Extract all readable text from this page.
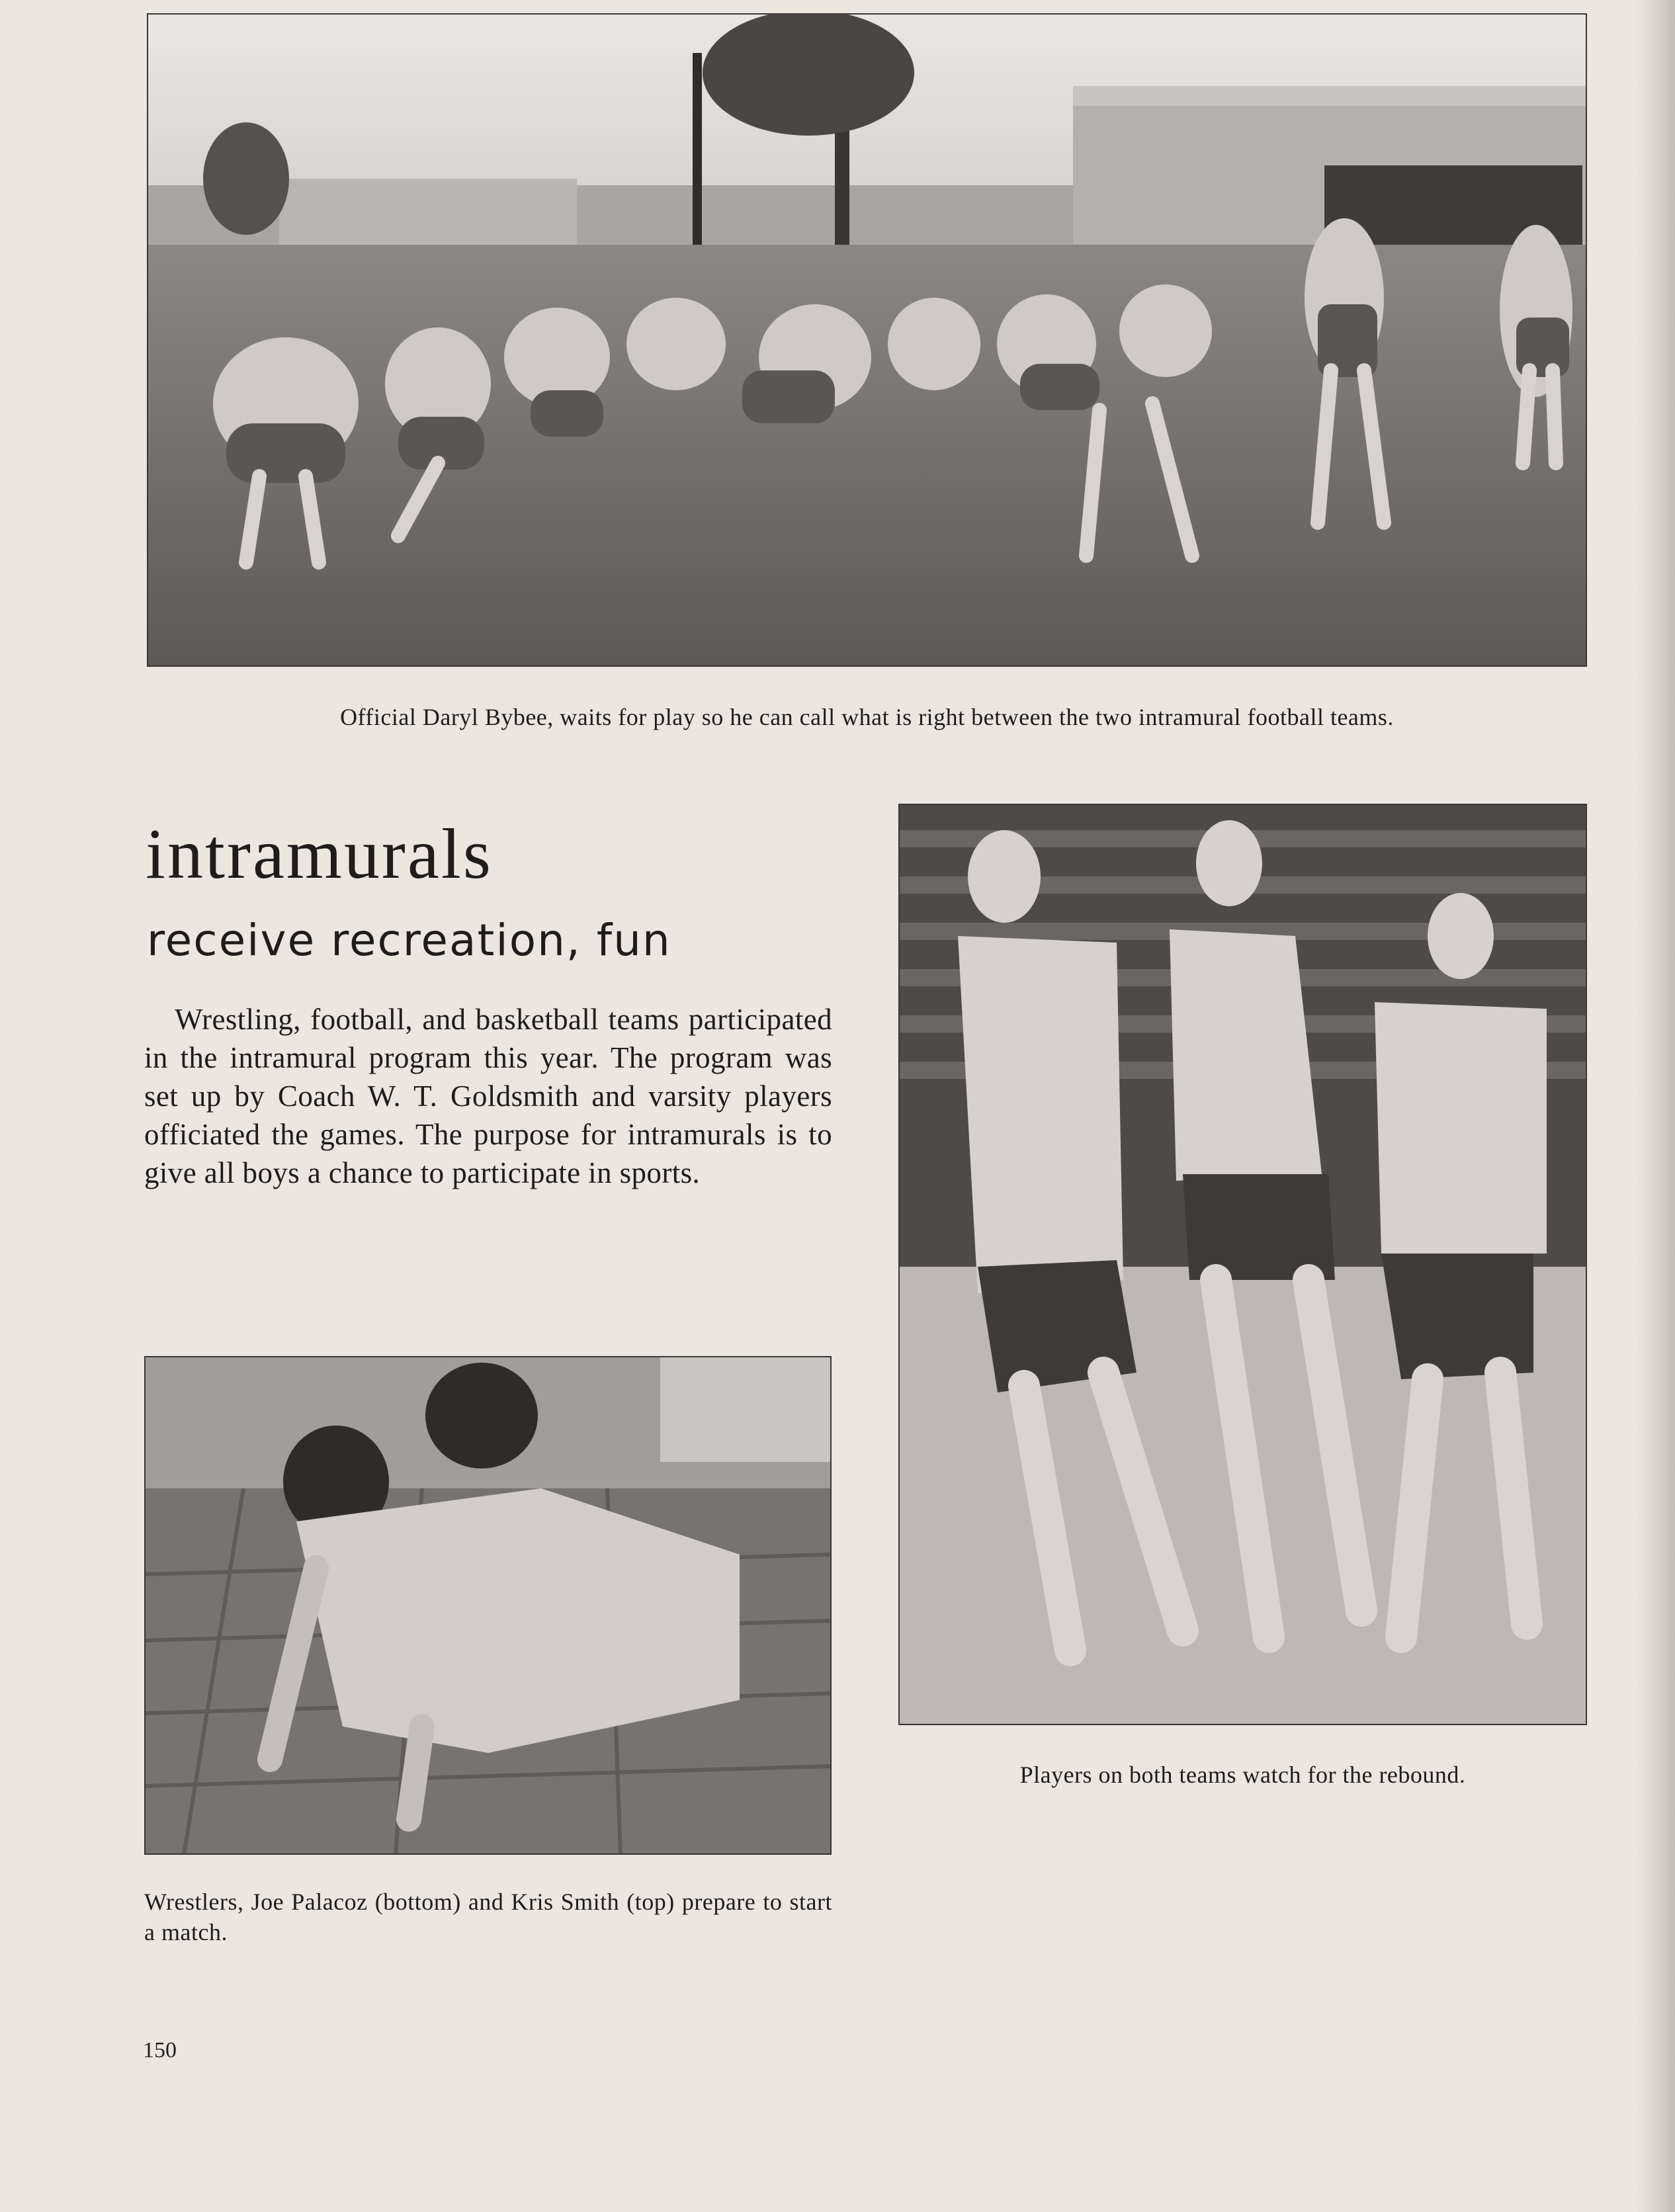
Official Daryl Bybee, waits for play so he can call what is right between the two intramural football teams.
intramurals
receive recreation, fun

Wrestling, football, and basketball teams participated in the intramural program this year. The program was set up by Coach W. T. Goldsmith and varsity players officiated the games. The purpose for intramurals is to give all boys a chance to participate in sports.

Players on both teams watch for the rebound.
Wrestlers, Joe Palacoz (bottom) and Kris Smith (top) prepare to start a match.
150
